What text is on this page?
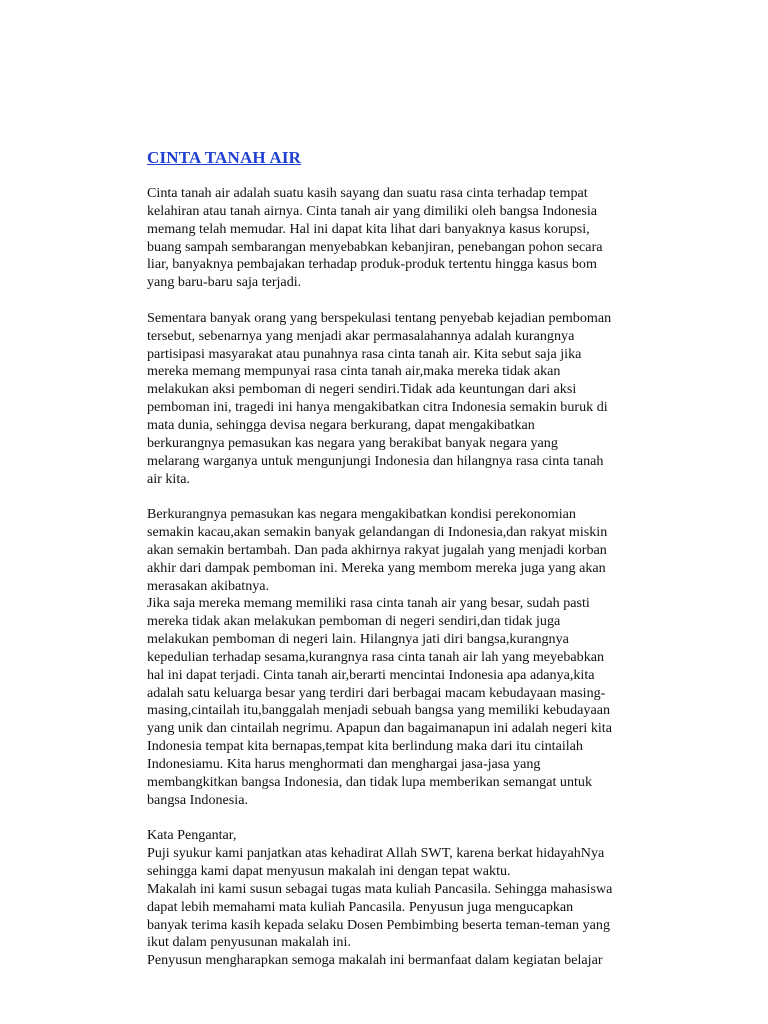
CINTA TANAH AIR
Cinta tanah air adalah suatu kasih sayang dan suatu rasa cinta terhadap tempat
kelahiran atau tanah airnya. Cinta tanah air yang dimiliki oleh bangsa Indonesia
memang telah memudar. Hal ini dapat kita lihat dari banyaknya kasus korupsi,
buang sampah sembarangan menyebabkan kebanjiran, penebangan pohon secara
liar, banyaknya pembajakan terhadap produk-produk tertentu hingga kasus bom
yang baru-baru saja terjadi.
Sementara banyak orang yang berspekulasi tentang penyebab kejadian pemboman
tersebut, sebenarnya yang menjadi akar permasalahannya adalah kurangnya
partisipasi masyarakat atau punahnya rasa cinta tanah air. Kita sebut saja jika
mereka memang mempunyai rasa cinta tanah air,maka mereka tidak akan
melakukan aksi pemboman di negeri sendiri.Tidak ada keuntungan dari aksi
pemboman ini, tragedi ini hanya mengakibatkan citra Indonesia semakin buruk di
mata dunia, sehingga devisa negara berkurang, dapat mengakibatkan
berkurangnya pemasukan kas negara yang berakibat banyak negara yang
melarang warganya untuk mengunjungi Indonesia dan hilangnya rasa cinta tanah
air kita.
Berkurangnya pemasukan kas negara mengakibatkan kondisi perekonomian
semakin kacau,akan semakin banyak gelandangan di Indonesia,dan rakyat miskin
akan semakin bertambah. Dan pada akhirnya rakyat jugalah yang menjadi korban
akhir dari dampak pemboman ini. Mereka yang membom mereka juga yang akan
merasakan akibatnya.
Jika saja mereka memang memiliki rasa cinta tanah air yang besar, sudah pasti
mereka tidak akan melakukan pemboman di negeri sendiri,dan tidak juga
melakukan pemboman di negeri lain. Hilangnya jati diri bangsa,kurangnya
kepedulian terhadap sesama,kurangnya rasa cinta tanah air lah yang meyebabkan
hal ini dapat terjadi. Cinta tanah air,berarti mencintai Indonesia apa adanya,kita
adalah satu keluarga besar yang terdiri dari berbagai macam kebudayaan masing-
masing,cintailah itu,banggalah menjadi sebuah bangsa yang memiliki kebudayaan
yang unik dan cintailah negrimu. Apapun dan bagaimanapun ini adalah negeri kita
Indonesia tempat kita bernapas,tempat kita berlindung maka dari itu cintailah
Indonesiamu. Kita harus menghormati dan menghargai jasa-jasa yang
membangkitkan bangsa Indonesia, dan tidak lupa memberikan semangat untuk
bangsa Indonesia.
Kata Pengantar,
Puji syukur kami panjatkan atas kehadirat Allah SWT, karena berkat hidayahNya
sehingga kami dapat menyusun makalah ini dengan tepat waktu.
Makalah ini kami susun sebagai tugas mata kuliah Pancasila. Sehingga mahasiswa
dapat lebih memahami mata kuliah Pancasila. Penyusun juga mengucapkan
banyak terima kasih kepada selaku Dosen Pembimbing beserta teman-teman yang
ikut dalam penyusunan makalah ini.
Penyusun mengharapkan semoga makalah ini bermanfaat dalam kegiatan belajar
